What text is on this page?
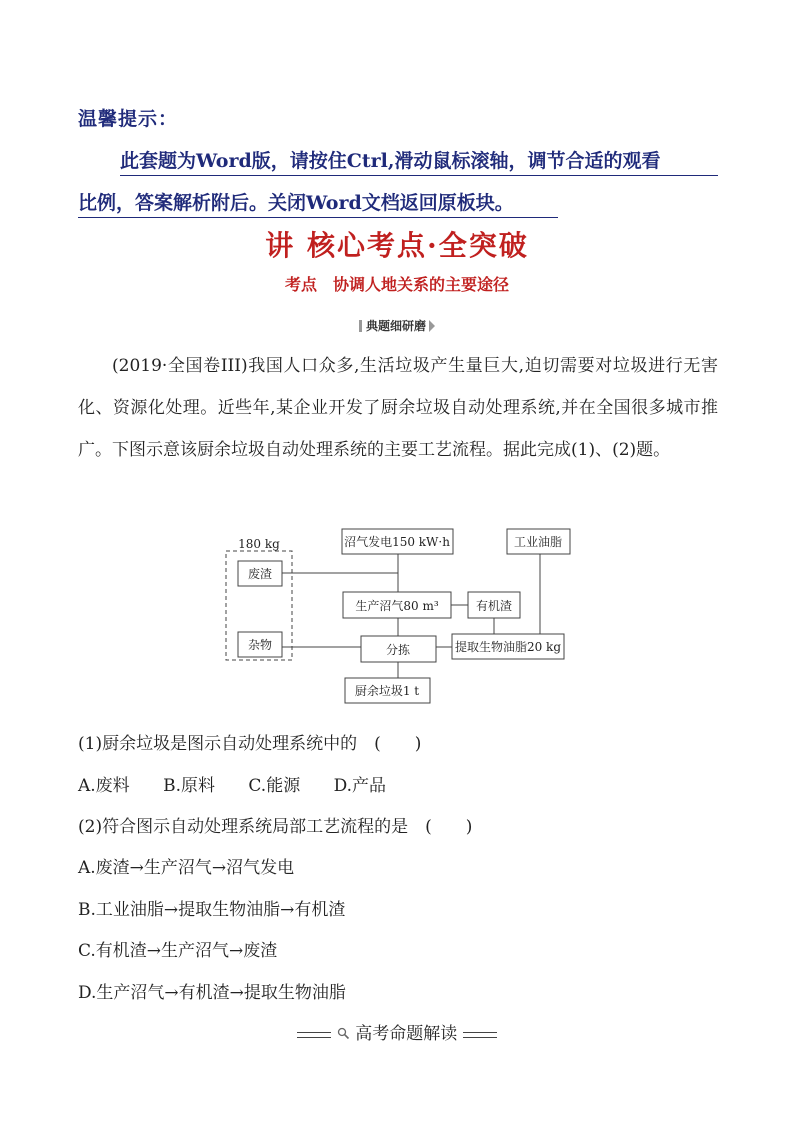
温馨提示：
此套题为Word版，请按住Ctrl,滑动鼠标滚轴，调节合适的观看
比例，答案解析附后。关闭Word文档返回原板块。
讲 核心考点·全突破
考点　协调人地关系的主要途径
典题细研磨
(2019·全国卷III)我国人口众多,生活垃圾产生量巨大,迫切需要对垃圾进行无害化、资源化处理。近些年,某企业开发了厨余垃圾自动处理系统,并在全国很多城市推广。下图示意该厨余垃圾自动处理系统的主要工艺流程。据此完成(1)、(2)题。
180 kg
废渣
杂物
沼气发电150 kW·h
生产沼气80 m³
分拣
厨余垃圾1 t
有机渣
提取生物油脂20 kg
工业油脂
(1)厨余垃圾是图示自动处理系统中的　(　　)
A.废料 B.原料 C.能源 D.产品
(2)符合图示自动处理系统局部工艺流程的是　(　　)
A.废渣→生产沼气→沼气发电
B.工业油脂→提取生物油脂→有机渣
C.有机渣→生产沼气→废渣
D.生产沼气→有机渣→提取生物油脂
高考命题解读
